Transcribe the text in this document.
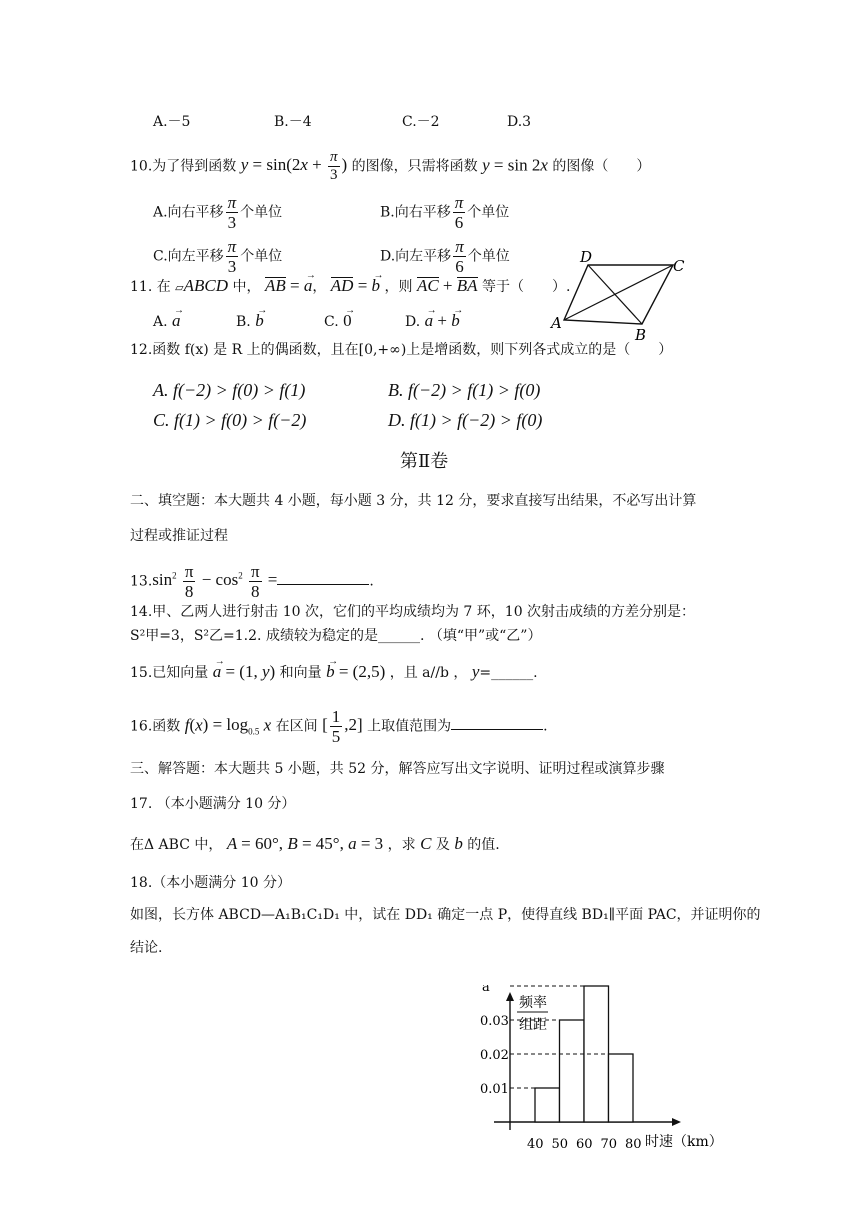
A.－5	B.－4	C.－2	D.3
10.为了得到函数 $y = \sin(2x + \frac{\pi}{3}$ ) 的图像，只需将函数 y = sin 2x 的图像（　　）
A.向右平移 $\frac{\pi}{3}$ 个单位	B.向右平移 $\frac{\pi}{6}$ 个单位
C.向左平移 $\frac{\pi}{3}$ 个单位	D.向左平移 $\frac{\pi}{6}$ 个单位	D	C
A
B
11. 在 ▱ABCD 中， AB = a →， AD = b → ，则 AC + BA 等于（　　）.
A. a →	B. b →	C. 0 →	D. a → + b →
12.函数 f(x) 是 R 上的偶函数，且在[0,+∞)上是增函数，则下列各式成立的是（　　）
A. f(−2) > f(0) > f(1)	B. f(−2) > f(1) > f(0)
C. f(1) > f(0) > f(−2)	D. f(1) > f(−2) > f(0)
第Ⅱ卷
二、填空题：本大题共 4 小题，每小题 3 分，共 12 分，要求直接写出结果，不必写出计算
过程或推证过程
$13.\sin^2 \frac{\pi}{8} - \cos^2 \frac{\pi}{8}$ =	.
14.甲、乙两人进行射击 10 次，它们的平均成绩均为 7 环，10 次射击成绩的方差分别是：
S²甲=3，S²乙=1.2. 成绩较为稳定的是______. （填“甲”或“乙”）
15.已知向量 a → = (1, y) 和向量 b → = (2,5) ，且 a//b ， y=______.
16.函数 $f(x) = \log_{0.5} x$ 在区间 [ $\frac{1}{5} ,2$] 上取值范围为	.
三、解答题：本大题共 5 小题，共 52 分，解答应写出文字说明、证明过程或演算步骤
17. （本小题满分 10 分）
在Δ ABC 中， A = 60°, B = 45°, a = 3 ，求 C 及 b 的值.
18.（本小题满分 10 分）
如图，长方体 ABCD—A₁B₁C₁D₁ 中，试在 DD₁ 确定一点 P，使得直线 BD₁∥平面 PAC，并证明你的
结论.
频率
组距
0.01
0.02
0.03
a
40 50 60 70 80 时速（km）
